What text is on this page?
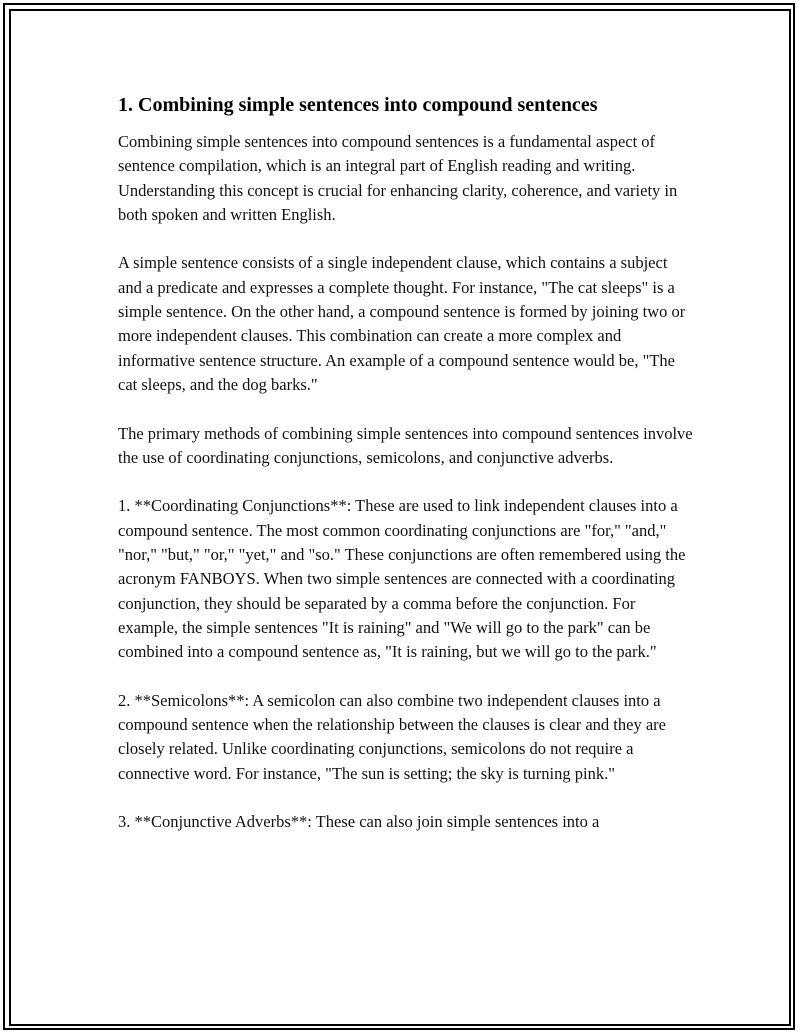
1. Combining simple sentences into compound sentences

Combining simple sentences into compound sentences is a fundamental aspect of sentence compilation, which is an integral part of English reading and writing. Understanding this concept is crucial for enhancing clarity, coherence, and variety in both spoken and written English.

A simple sentence consists of a single independent clause, which contains a subject and a predicate and expresses a complete thought. For instance, "The cat sleeps" is a simple sentence. On the other hand, a compound sentence is formed by joining two or more independent clauses. This combination can create a more complex and informative sentence structure. An example of a compound sentence would be, "The cat sleeps, and the dog barks."

The primary methods of combining simple sentences into compound sentences involve the use of coordinating conjunctions, semicolons, and conjunctive adverbs.

1. **Coordinating Conjunctions**: These are used to link independent clauses into a compound sentence. The most common coordinating conjunctions are "for," "and," "nor," "but," "or," "yet," and "so." These conjunctions are often remembered using the acronym FANBOYS. When two simple sentences are connected with a coordinating conjunction, they should be separated by a comma before the conjunction. For example, the simple sentences "It is raining" and "We will go to the park" can be combined into a compound sentence as, "It is raining, but we will go to the park."

2. **Semicolons**: A semicolon can also combine two independent clauses into a compound sentence when the relationship between the clauses is clear and they are closely related. Unlike coordinating conjunctions, semicolons do not require a connective word. For instance, "The sun is setting; the sky is turning pink."

3. **Conjunctive Adverbs**: These can also join simple sentences into a
